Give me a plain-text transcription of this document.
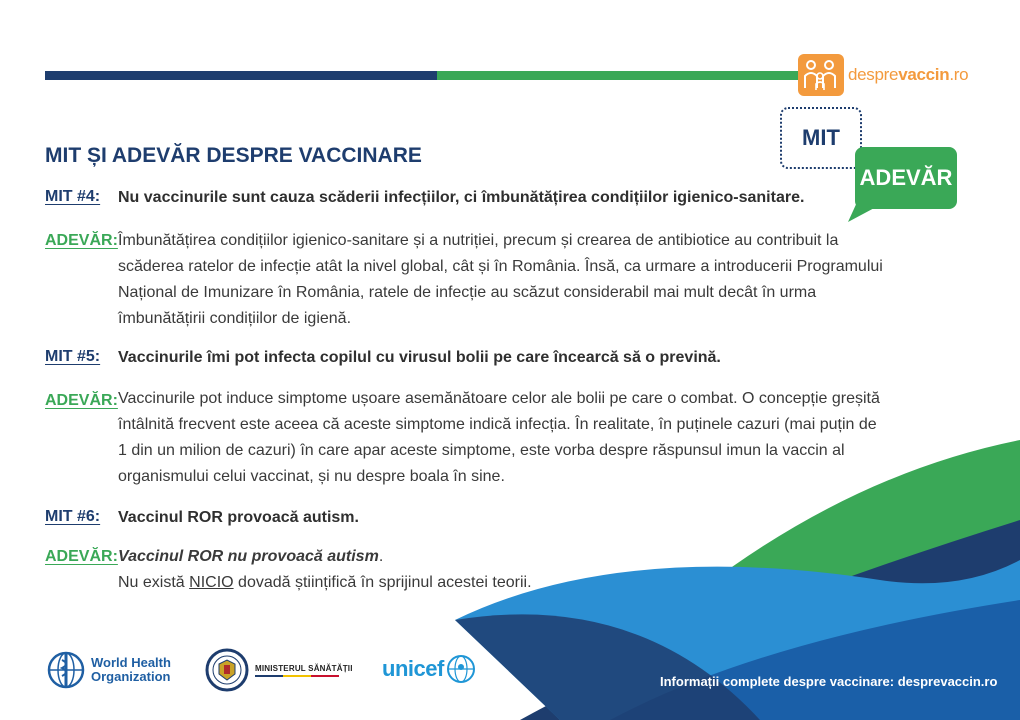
desprevaccin.ro
MIT
ADEVĂR
MIT ȘI ADEVĂR DESPRE VACCINARE
MIT #4: Nu vaccinurile sunt cauza scăderii infecțiilor, ci îmbunătățirea condițiilor igienico-sanitare.
ADEVĂR: Îmbunătățirea condițiilor igienico-sanitare și a nutriției, precum și crearea de antibiotice au contribuit la scăderea ratelor de infecție atât la nivel global, cât și în România. Însă, ca urmare a introducerii Programului Național de Imunizare în România, ratele de infecție au scăzut considerabil mai mult decât în urma îmbunătățirii condițiilor de igienă.
MIT #5: Vaccinurile îmi pot infecta copilul cu virusul bolii pe care încearcă să o prevină.
ADEVĂR: Vaccinurile pot induce simptome ușoare asemănătoare celor ale bolii pe care o combat. O concepție greșită întâlnită frecvent este aceea că aceste simptome indică infecția. În realitate, în puținele cazuri (mai puțin de 1 din un milion de cazuri) în care apar aceste simptome, este vorba despre răspunsul imun la vaccin al organismului celui vaccinat, și nu despre boala în sine.
MIT #6: Vaccinul ROR provoacă autism.
ADEVĂR: Vaccinul ROR nu provoacă autism.
Nu există NICIO dovadă științifică în sprijinul acestei teorii.
World Health
Organization
MINISTERUL SĂNĂTĂȚII unicef
Informații complete despre vaccinare: desprevaccin.ro
